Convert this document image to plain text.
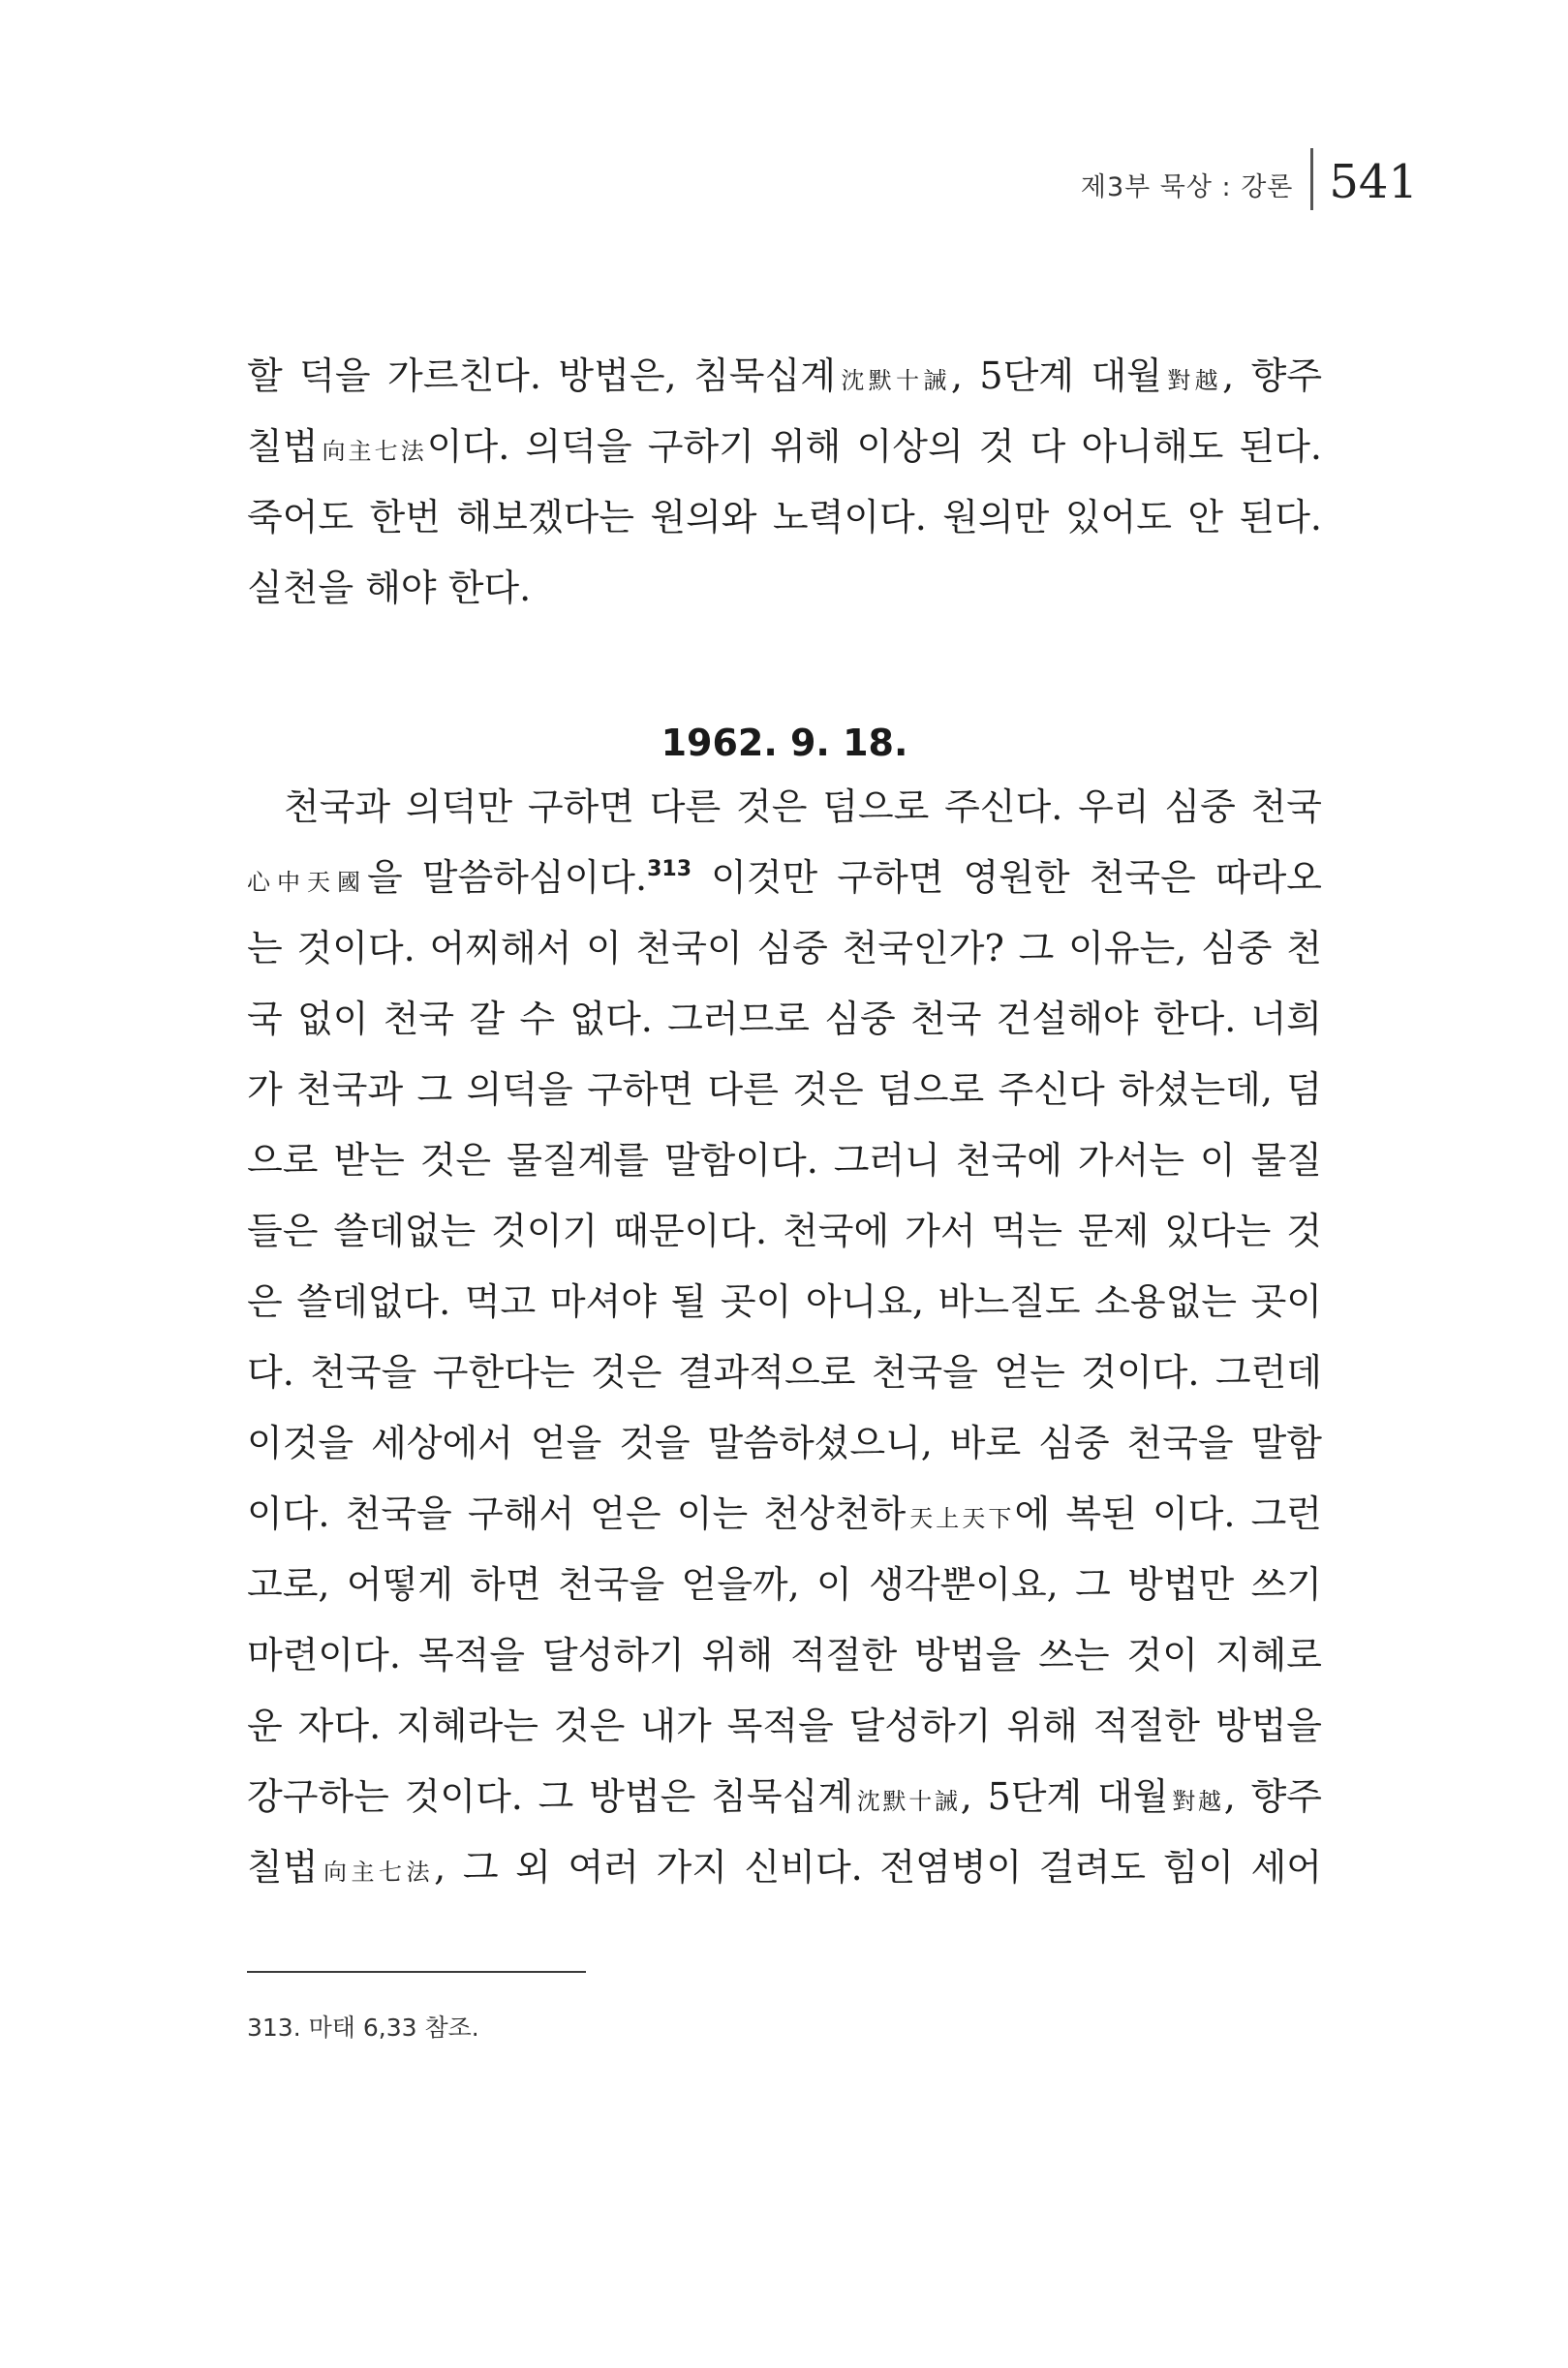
제3부 묵상 : 강론 541
할 덕을 가르친다. 방법은, 침묵십계沈默十誡, 5단계 대월對越, 향주
칠법向主七法이다. 의덕을 구하기 위해 이상의 것 다 아니해도 된다.
죽어도 한번 해보겠다는 원의와 노력이다. 원의만 있어도 안 된다.
실천을 해야 한다.
1962. 9. 18.
천국과 의덕만 구하면 다른 것은 덤으로 주신다. 우리 심중 천국
心中天國을 말씀하심이다.$^{313}$ 이것만 구하면 영원한 천국은 따라오
는 것이다. 어찌해서 이 천국이 심중 천국인가? 그 이유는, 심중 천
국 없이 천국 갈 수 없다. 그러므로 심중 천국 건설해야 한다. 너희
가 천국과 그 의덕을 구하면 다른 것은 덤으로 주신다 하셨는데, 덤
으로 받는 것은 물질계를 말함이다. 그러니 천국에 가서는 이 물질
들은 쓸데없는 것이기 때문이다. 천국에 가서 먹는 문제 있다는 것
은 쓸데없다. 먹고 마셔야 될 곳이 아니요, 바느질도 소용없는 곳이
다. 천국을 구한다는 것은 결과적으로 천국을 얻는 것이다. 그런데
이것을 세상에서 얻을 것을 말씀하셨으니, 바로 심중 천국을 말함
이다. 천국을 구해서 얻은 이는 천상천하天上天下에 복된 이다. 그런
고로, 어떻게 하면 천국을 얻을까, 이 생각뿐이요, 그 방법만 쓰기
마련이다. 목적을 달성하기 위해 적절한 방법을 쓰는 것이 지혜로
운 자다. 지혜라는 것은 내가 목적을 달성하기 위해 적절한 방법을
강구하는 것이다. 그 방법은 침묵십계沈默十誡, 5단계 대월對越, 향주
칠법向主七法, 그 외 여러 가지 신비다. 전염병이 걸려도 힘이 세어
313. 마태 6,33 참조.
